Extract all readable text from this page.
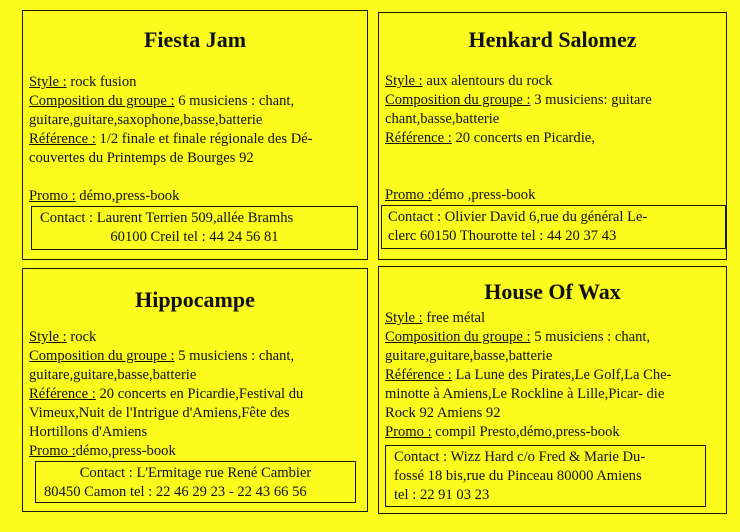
Fiesta Jam
Style : rock fusion
Composition du groupe : 6 musiciens : chant,
guitare,guitare,saxophone,basse,batterie
Référence : 1/2 finale et finale régionale des Dé-
couvertes du Printemps de Bourges 92
Promo : démo,press-book
Contact : Laurent Terrien 509,allée Bramhs
60100 Creil tel : 44 24 56 81
Henkard Salomez
Style : aux alentours du rock
Composition du groupe : 3 musiciens: guitare
chant,basse,batterie
Référence : 20 concerts en Picardie,
Promo :démo ,press-book
Contact : Olivier David 6,rue du général Le-
clerc 60150 Thourotte tel : 44 20 37 43
Hippocampe
Style : rock
Composition du groupe : 5 musiciens : chant,
guitare,guitare,basse,batterie
Référence : 20 concerts en Picardie,Festival du
Vimeux,Nuit de l'Intrigue d'Amiens,Fête des
Hortillons d'Amiens
Promo :démo,press-book
Contact : L'Ermitage rue René Cambier
80450 Camon tel : 22 46 29 23 - 22 43 66 56
House Of Wax
Style : free métal
Composition du groupe : 5 musiciens : chant,
guitare,guitare,basse,batterie
Référence : La Lune des Pirates,Le Golf,La Che-
minotte à Amiens,Le Rockline à Lille,Picar- die
Rock 92 Amiens 92
Promo : compil Presto,démo,press-book
Contact : Wizz Hard c/o Fred & Marie Du-
fossé 18 bis,rue du Pinceau 80000 Amiens
tel : 22 91 03 23
